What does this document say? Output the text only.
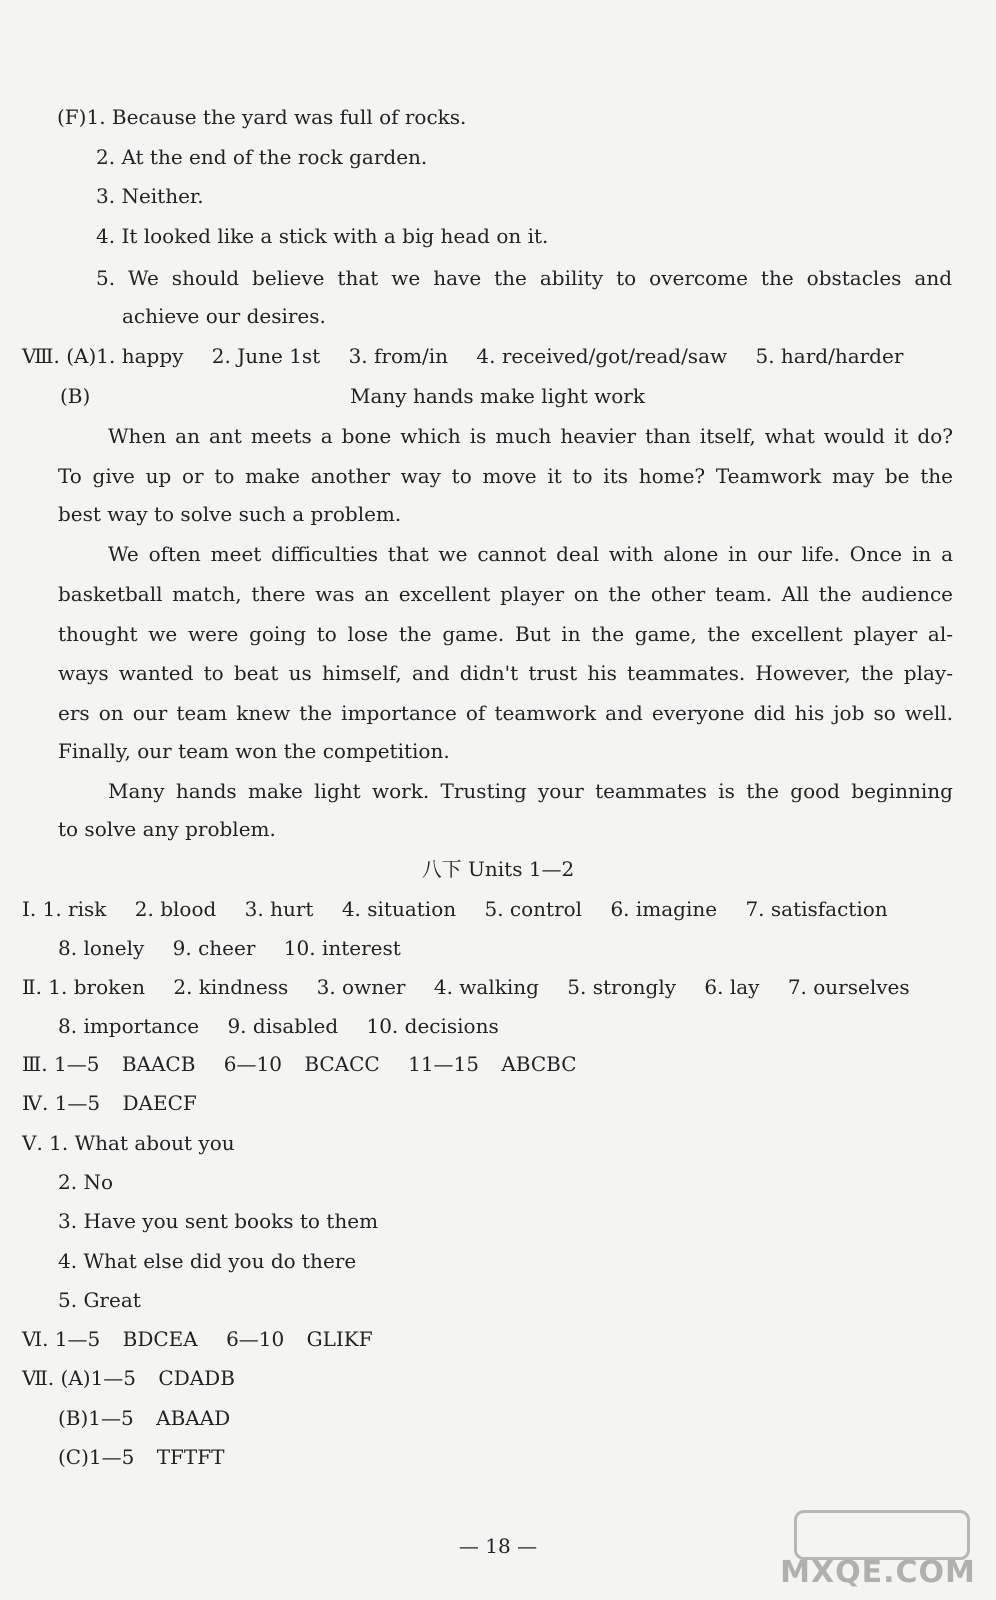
(F)1. Because the yard was full of rocks.
2. At the end of the rock garden.
3. Neither.
4. It looked like a stick with a big head on it.
5. We should believe that we have the ability to overcome the obstacles and
achieve our desires.
Ⅷ. (A)1. happy 2. June 1st 3. from/in 4. received/got/read/saw 5. hard/harder
(B)	Many hands make light work
When an ant meets a bone which is much heavier than itself, what would it do?
To give up or to make another way to move it to its home? Teamwork may be the
best way to solve such a problem.
We often meet difficulties that we cannot deal with alone in our life. Once in a
basketball match, there was an excellent player on the other team. All the audience
thought we were going to lose the game. But in the game, the excellent player al-
ways wanted to beat us himself, and didn't trust his teammates. However, the play-
ers on our team knew the importance of teamwork and everyone did his job so well.
Finally, our team won the competition.
Many hands make light work. Trusting your teammates is the good beginning
to solve any problem.
八下 Units 1—2
Ⅰ. 1. risk 2. blood 3. hurt 4. situation 5. control 6. imagine 7. satisfaction
8. lonely 9. cheer 10. interest
Ⅱ. 1. broken 2. kindness 3. owner 4. walking 5. strongly 6. lay 7. ourselves
8. importance 9. disabled 10. decisions
Ⅲ. 1—5 BAACB 6—10 BCACC 11—15 ABCBC
Ⅳ. 1—5 DAECF
Ⅴ. 1. What about you
2. No
3. Have you sent books to them
4. What else did you do there
5. Great
Ⅵ. 1—5 BDCEA 6—10 GLIKF
Ⅶ. (A)1—5 CDADB
(B)1—5 ABAAD
(C)1—5 TFTFT
— 18 —
MXQE.COM
